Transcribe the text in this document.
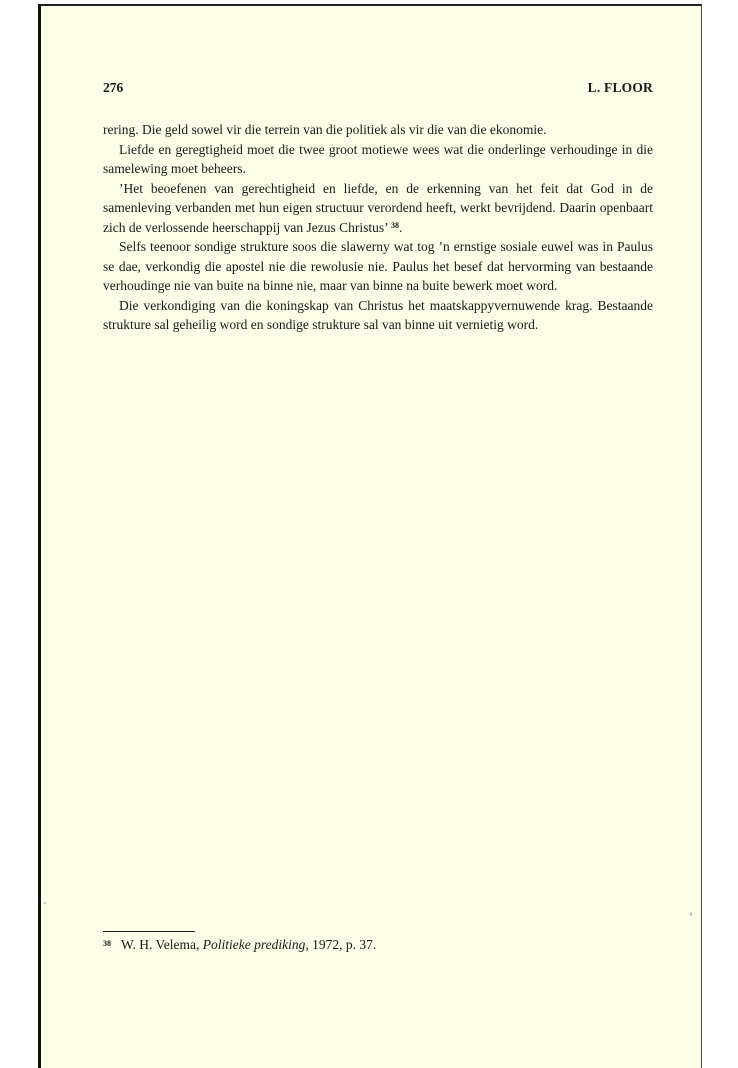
276	L. FLOOR

rering. Die geld sowel vir die terrein van die politiek als vir die van die ekonomie.

Liefde en geregtigheid moet die twee groot motiewe wees wat die onderlinge verhoudinge in die samelewing moet beheers.

’Het beoefenen van gerechtigheid en liefde, en de erkenning van het feit dat God in de samenleving verbanden met hun eigen structuur verordend heeft, werkt bevrijdend. Daarin openbaart zich de verlossende heerschappij van Jezus Christus’ $^{38}$.

Selfs teenoor sondige strukture soos die slawerny wat tog ’n ernstige sosiale euwel was in Paulus se dae, verkondig die apostel nie die rewolusie nie. Paulus het besef dat hervorming van bestaande verhoudinge nie van buite na binne nie, maar van binne na buite bewerk moet word.

Die verkondiging van die koningskap van Christus het maatskappyvernuwende krag. Bestaande strukture sal geheilig word en sondige strukture sal van binne uit vernietig word.

$^{38}$ W. H. Velema, Politieke prediking, 1972, p. 37.
